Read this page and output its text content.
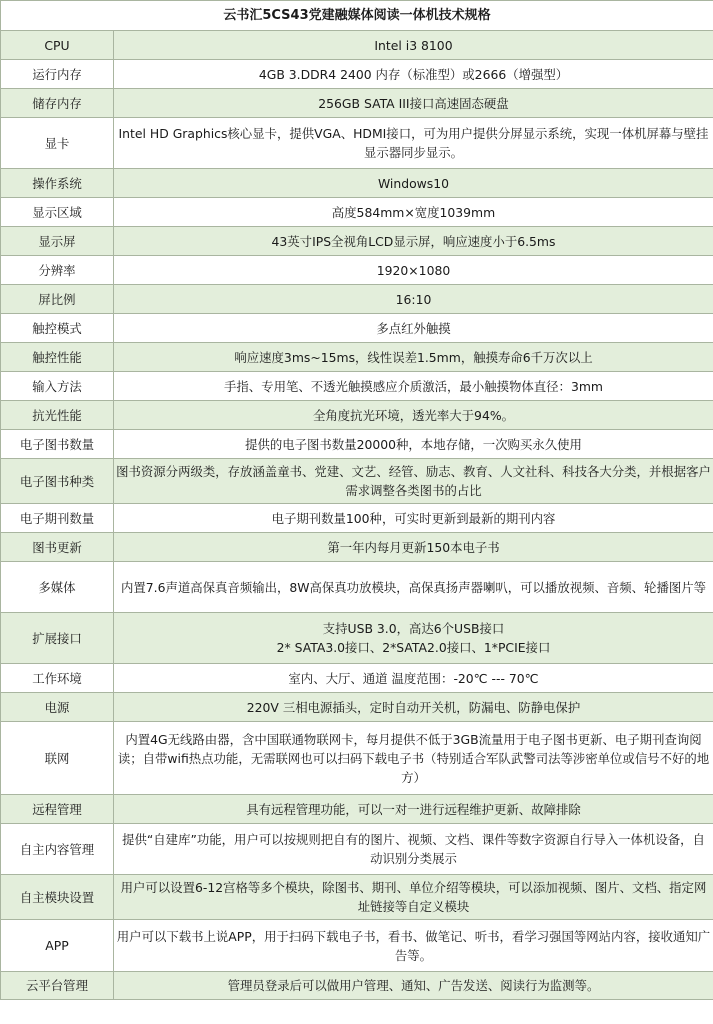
云书汇5CS43党建融媒体阅读一体机技术规格	
CPU	Intel i3 8100
运行内存	4GB 3.DDR4 2400 内存（标准型）或2666（增强型）
储存内存	256GB SATA III接口高速固态硬盘
显卡	Intel HD Graphics核心显卡，提供VGA、HDMI接口，可为用户提供分屏显示系统，实现一体机屏幕与壁挂显示器同步显示。
操作系统	Windows10
显示区域	高度584mm×宽度1039mm
显示屏	43英寸IPS全视角LCD显示屏，响应速度小于6.5ms
分辨率	1920×1080
屏比例	16:10
触控模式	多点红外触摸
触控性能	响应速度3ms~15ms，线性误差1.5mm，触摸寿命6千万次以上
输入方法	手指、专用笔、不透光触摸感应介质激活，最小触摸物体直径：3mm
抗光性能	全角度抗光环境，透光率大于94%。
电子图书数量	提供的电子图书数量20000种，本地存储，一次购买永久使用
电子图书种类	图书资源分两级类，存放涵盖童书、党建、文艺、经管、励志、教育、人文社科、科技各大分类，并根据客户需求调整各类图书的占比
电子期刊数量	电子期刊数量100种，可实时更新到最新的期刊内容
图书更新	第一年内每月更新150本电子书
多媒体	内置7.6声道高保真音频输出，8W高保真功放模块，高保真扬声器喇叭，可以播放视频、音频、轮播图片等
扩展接口	支持USB 3.0，高达6个USB接口
2* SATA3.0接口、2*SATA2.0接口、1*PCIE接口

工作环境	室内、大厅、通道 温度范围：-20℃ --- 70℃
电源	220V 三相电源插头，定时自动开关机，防漏电、防静电保护
联网	内置4G无线路由器，含中国联通物联网卡，每月提供不低于3GB流量用于电子图书更新、电子期刊查询阅读；自带wifi热点功能，无需联网也可以扫码下载电子书（特别适合军队武警司法等涉密单位或信号不好的地方）
远程管理	具有远程管理功能，可以一对一进行远程维护更新、故障排除
自主内容管理	提供“自建库”功能，用户可以按规则把自有的图片、视频、文档、课件等数字资源自行导入一体机设备，自动识别分类展示
自主模块设置	用户可以设置6-12宫格等多个模块，除图书、期刊、单位介绍等模块，可以添加视频、图片、文档、指定网址链接等自定义模块
APP	用户可以下载书上说APP，用于扫码下载电子书，看书、做笔记、听书，看学习强国等网站内容，接收通知广告等。
云平台管理	管理员登录后可以做用户管理、通知、广告发送、阅读行为监测等。
